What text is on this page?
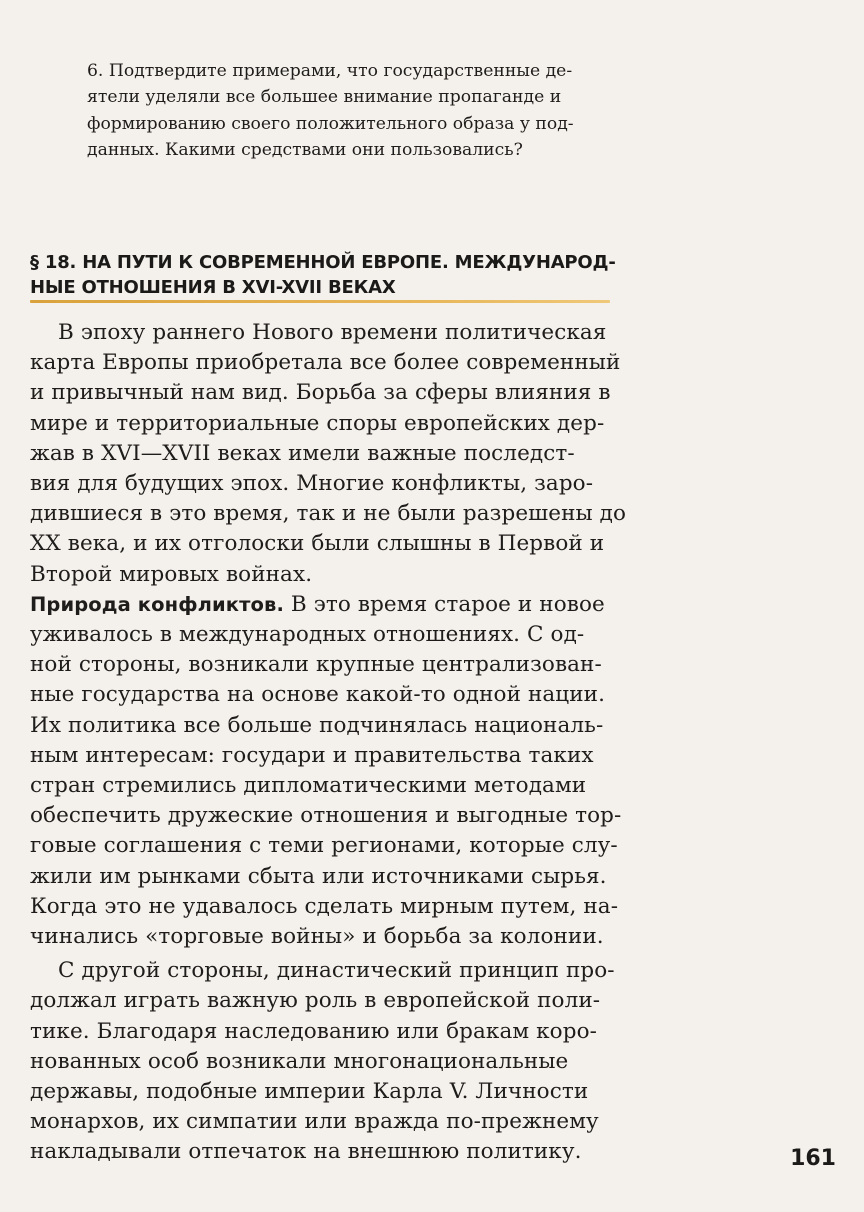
6. Подтвердите примерами, что государственные де-
ятели уделяли все большее внимание пропаганде и
формированию своего положительного образа у под-
данных. Какими средствами они пользовались?
§ 18. НА ПУТИ К СОВРЕМЕННОЙ ЕВРОПЕ. МЕЖДУНАРОД-
НЫЕ ОТНОШЕНИЯ В XVI-XVII ВЕКАХ
В эпоху раннего Нового времени политическая
карта Европы приобретала все более современный
и привычный нам вид. Борьба за сферы влияния в
мире и территориальные споры европейских дер-
жав в XVI—XVII веках имели важные последст-
вия для будущих эпох. Многие конфликты, заро-
дившиеся в это время, так и не были разрешены до
XX века, и их отголоски были слышны в Первой и
Второй мировых войнах.
Природа конфликтов. В это время старое и новое
уживалось в международных отношениях. С од-
ной стороны, возникали крупные централизован-
ные государства на основе какой-то одной нации.
Их политика все больше подчинялась националь-
ным интересам: государи и правительства таких
стран стремились дипломатическими методами
обеспечить дружеские отношения и выгодные тор-
говые соглашения с теми регионами, которые слу-
жили им рынками сбыта или источниками сырья.
Когда это не удавалось сделать мирным путем, на-
чинались «торговые войны» и борьба за колонии.
С другой стороны, династический принцип про-
должал играть важную роль в европейской поли-
тике. Благодаря наследованию или бракам коро-
нованных особ возникали многонациональные
державы, подобные империи Карла V. Личности
монархов, их симпатии или вражда по-прежнему
накладывали отпечаток на внешнюю политику.	161
